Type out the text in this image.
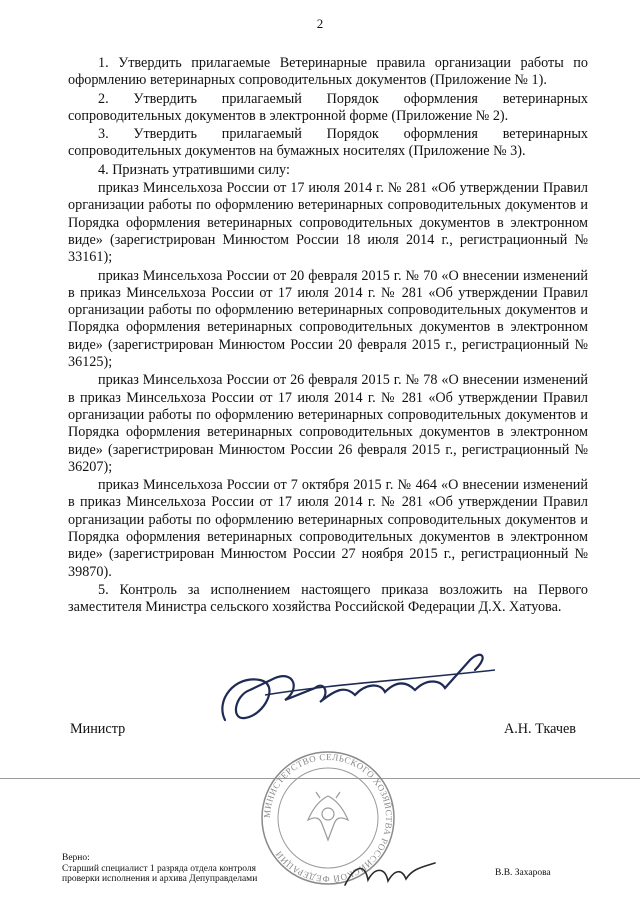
2

1. Утвердить прилагаемые Ветеринарные правила организации работы по оформлению ветеринарных сопроводительных документов (Приложение № 1).

2. Утвердить прилагаемый Порядок оформления ветеринарных сопроводительных документов в электронной форме (Приложение № 2).

3. Утвердить прилагаемый Порядок оформления ветеринарных сопроводительных документов на бумажных носителях (Приложение № 3).

4. Признать утратившими силу:

приказ Минсельхоза России от 17 июля 2014 г. № 281 «Об утверждении Правил организации работы по оформлению ветеринарных сопроводительных документов и Порядка оформления ветеринарных сопроводительных документов в электронном виде» (зарегистрирован Минюстом России 18 июля 2014 г., регистрационный № 33161);

приказ Минсельхоза России от 20 февраля 2015 г. № 70 «О внесении изменений в приказ Минсельхоза России от 17 июля 2014 г. № 281 «Об утверждении Правил организации работы по оформлению ветеринарных сопроводительных документов и Порядка оформления ветеринарных сопроводительных документов в электронном виде» (зарегистрирован Минюстом России 20 февраля 2015 г., регистрационный № 36125);

приказ Минсельхоза России от 26 февраля 2015 г. № 78 «О внесении изменений в приказ Минсельхоза России от 17 июля 2014 г. № 281 «Об утверждении Правил организации работы по оформлению ветеринарных сопроводительных документов и Порядка оформления ветеринарных сопроводительных документов в электронном виде» (зарегистрирован Минюстом России 26 февраля 2015 г., регистрационный № 36207);

приказ Минсельхоза России от 7 октября 2015 г. № 464 «О внесении изменений в приказ Минсельхоза России от 17 июля 2014 г. № 281 «Об утверждении Правил организации работы по оформлению ветеринарных сопроводительных документов и Порядка оформления ветеринарных сопроводительных документов в электронном виде» (зарегистрирован Минюстом России 27 ноября 2015 г., регистрационный № 39870).

5. Контроль за исполнением настоящего приказа возложить на Первого заместителя Министра сельского хозяйства Российской Федерации Д.Х. Хатуова.

Министр	А.Н. Ткачев
МИНИСТЕРСТВО СЕЛЬСКОГО ХОЗЯЙСТВА РОССИЙСКОЙ ФЕДЕРАЦИИ
Верно:
Старший специалист 1 разряда отдела контроля
проверки исполнения и архива Депуправделами
В.В. Захарова
